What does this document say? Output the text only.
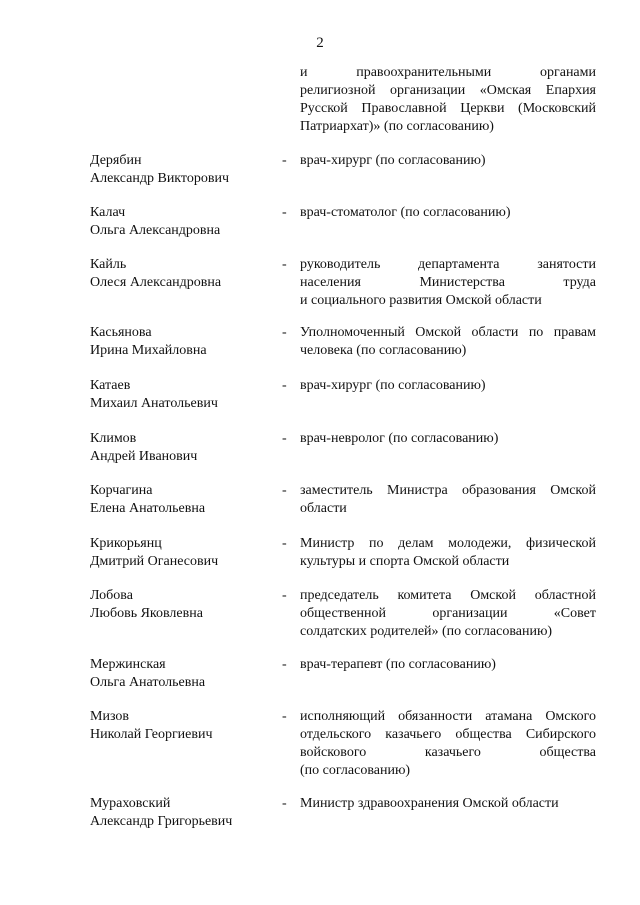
2

и правоохранительными органами

религиозной организации «Омская Епархия

Русской Православной Церкви (Московский

Патриархат)» (по согласованию)

Дерябин
Александр Викторович
- врач-хирург (по согласованию)
Калач
Ольга Александровна
- врач-стоматолог (по согласованию)
Кайль
Олеся Александровна
- руководитель департамента занятости
населения Министерства труда
и социального развития Омской области
Касьянова
Ирина Михайловна
- Уполномоченный Омской области по правам
человека (по согласованию)
Катаев
Михаил Анатольевич
- врач-хирург (по согласованию)
Климов
Андрей Иванович
- врач-невролог (по согласованию)
Корчагина
Елена Анатольевна
- заместитель Министра образования Омской
области
Крикорьянц
Дмитрий Оганесович
- Министр по делам молодежи, физической
культуры и спорта Омской области
Лобова
Любовь Яковлевна
- председатель комитета Омской областной
общественной организации «Совет
солдатских родителей» (по согласованию)
Мержинская
Ольга Анатольевна
- врач-терапевт (по согласованию)
Мизов
Николай Георгиевич
- исполняющий обязанности атамана Омского
отдельского казачьего общества Сибирского
войскового казачьего общества
(по согласованию)
Мураховский
Александр Григорьевич
- Министр здравоохранения Омской области
